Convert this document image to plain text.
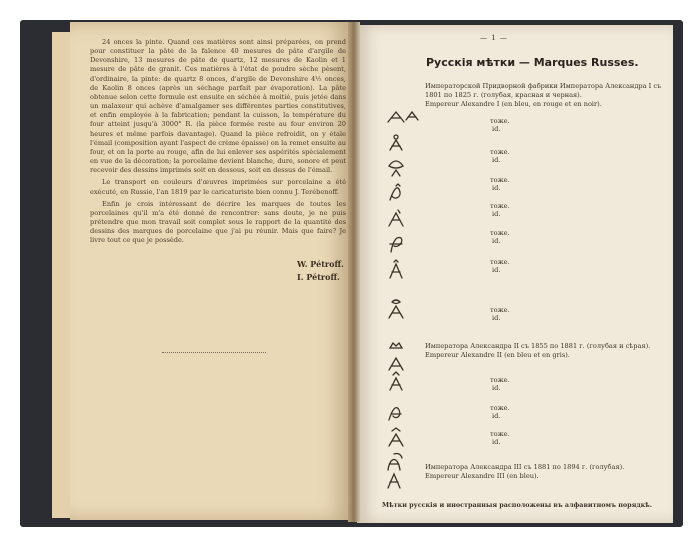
24 onces la pinte. Quand ces matières sont ainsi préparées, on prend pour constituer la pâte de la faïence 40 mesures de pâte d'argile de Devonshire, 13 mesures de pâte de quartz, 12 mesures de Kaolin et 1 mesure de pâte de granit. Ces matières à l'état de poudre sèche pèsent, d'ordinaire, la pinte: de quartz 8 onces, d'argile de Devonshire 4½ onces, de Kaolin 8 onces (après un séchage parfait par évaporation). La pâte obtenue selon cette formule est ensuite en séchée à moitié, puis jetée dans un malaxeur qui achève d'amalgamer ses différentes parties constitutives, et enfin employée à la fabrication; pendant la cuisson, la température du four atteint jusqu'à 3000° R. (la pièce formée reste au four environ 20 heures et même parfois davantage). Quand la pièce refroidit, on y étale l'émail (composition ayant l'aspect de crème épaisse) on la remet ensuite au four, et on la porte au rouge, afin de lui enlever ses aspérités spécialement en vue de la décoration; la porcelaine devient blanche, dure, sonore et peut recevoir des dessins imprimés soit en dessous, soit en dessus de l'émail.

Le transport en couleurs d'œuvres imprimées sur porcelaine a été exécuté, en Russie, l'an 1819 par le caricaturiste bien connu J. Terébenoff.

Enfin je crois intéressant de décrire les marques de toutes les porcelaines qu'il m'a été donné de rencontrer: sans doute, je ne puis prétendre que mon travail soit complet sous le rapport de la quantité des dessins des marques de porcelaine que j'ai pu réunir. Mais que faire? Je livre tout ce que je possède.

W. Pétroff.
I. Pétroff.
— 1 —
Русскія мѣтки — Marques Russes.
Императорской Придворной фабрики Императора Александра I съ 1801 по 1825 г. (голубая, красная и черная).
Empereur Alexandre I (en bleu, en rouge et en noir).
тоже.
id.
тоже.
id.
тоже.
id.
тоже.
id.
тоже.
id.
тоже.
id.
тоже.
id.
Императора Александра II съ 1855 по 1881 г. (голубая и сѣрая).
Empereur Alexandre II (en bleu et en gris).
тоже.
id.
тоже.
id.
тоже.
id.
Императора Александра III съ 1881 по 1894 г. (голубая).
Empereur Alexandre III (en bleu).
Мѣтки русскія и иностранныя расположены въ алфавитномъ порядкѣ.
